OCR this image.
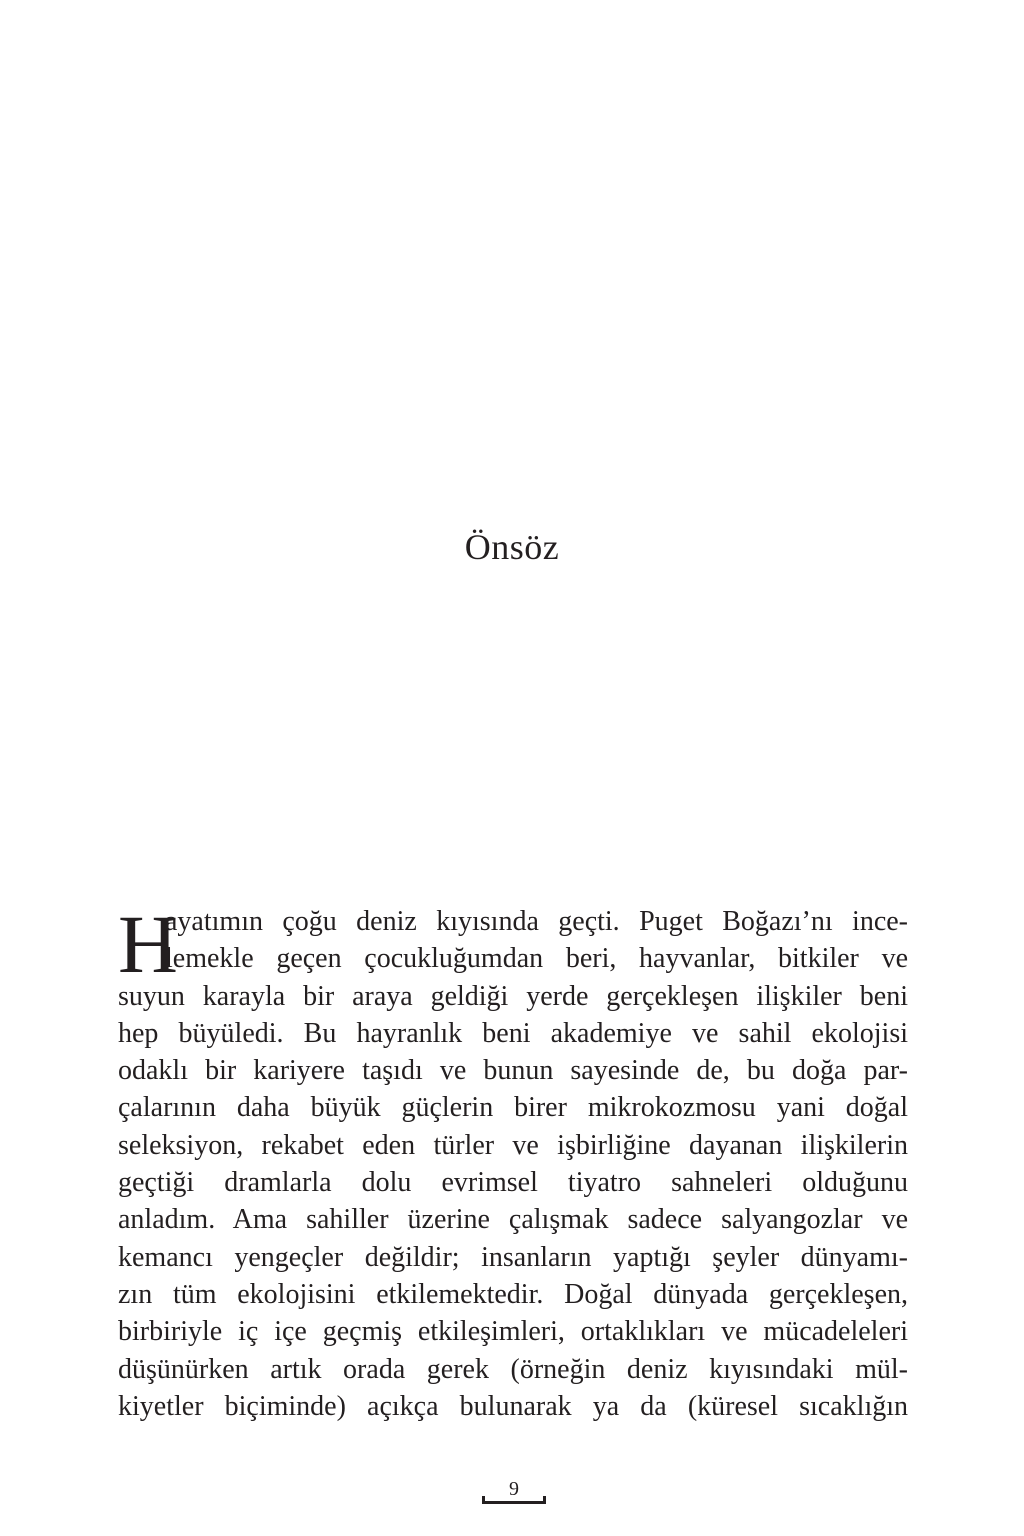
Önsöz
H
ayatımın çoğu deniz kıyısında geçti. Puget Boğazı’nı ince-
lemekle geçen çocukluğumdan beri, hayvanlar, bitkiler ve
suyun karayla bir araya geldiği yerde gerçekleşen ilişkiler beni
hep büyüledi. Bu hayranlık beni akademiye ve sahil ekolojisi
odaklı bir kariyere taşıdı ve bunun sayesinde de, bu doğa par-
çalarının daha büyük güçlerin birer mikrokozmosu yani doğal
seleksiyon, rekabet eden türler ve işbirliğine dayanan ilişkilerin
geçtiği dramlarla dolu evrimsel tiyatro sahneleri olduğunu
anladım. Ama sahiller üzerine çalışmak sadece salyangozlar ve
kemancı yengeçler değildir; insanların yaptığı şeyler dünyamı-
zın tüm ekolojisini etkilemektedir. Doğal dünyada gerçekleşen,
birbiriyle iç içe geçmiş etkileşimleri, ortaklıkları ve mücadeleleri
düşünürken artık orada gerek (örneğin deniz kıyısındaki mül-
kiyetler biçiminde) açıkça bulunarak ya da (küresel sıcaklığın
9
